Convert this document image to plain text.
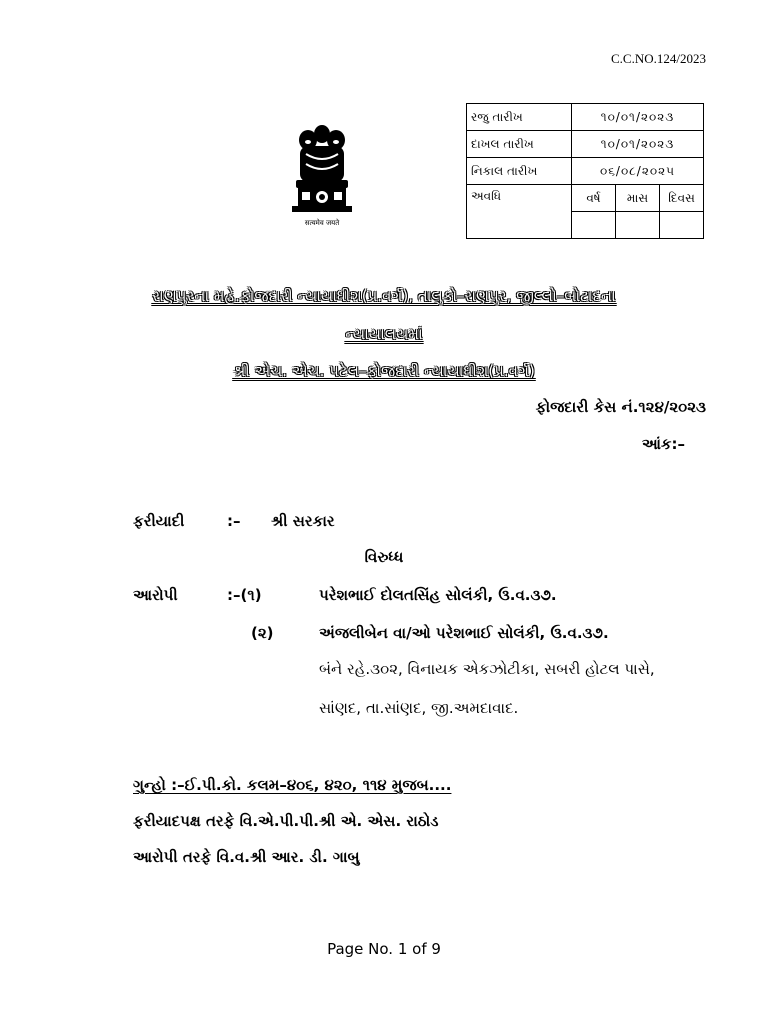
C.C.NO.124/2023
सत्यमेव जयते
રજુ તારીખ	૧૦/૦૧/૨૦૨૩		
દાખલ તારીખ	૧૦/૦૧/૨૦૨૩		
નિકાલ તારીખ	૦૬/૦૮/૨૦૨૫		
અવધિ	વર્ષ	માસ	દિવસ

રાણપુરના મહે.ફોજદારી ન્યાયાધીશ(પ્ર.વર્ગ), તાલુકો–રાણપુર, જીલ્લો–બોટાદના
ન્યાયાલયમાં
શ્રી એચ. એચ. પટેલ–ફોજદારી ન્યાયાધીશ(પ્ર.વર્ગ)
ફોજદારી કેસ નં.૧૨૪/૨૦૨૩
આંક:–
ફરીયાદી	:– શ્રી સરકાર
વિરુધ્ધ
આરોપી	:–(૧)	પરેશભાઈ દોલતસિંહ સોલંકી, ઉ.વ.૩૭.
(૨)	અંજલીબેન વા/ઓ પરેશભાઈ સોલંકી, ઉ.વ.૩૭.
બંને રહે.૩૦૨, વિનાયક એકઝોટીકા, સબરી હોટલ પાસે,
સાંણદ, તા.સાંણદ, જી.અમદાવાદ.
ગુન્હો :–ઈ.પી.કો. કલમ–૪૦૬, ૪૨૦, ૧૧૪ મુજબ....
ફરીયાદપક્ષ તરફે વિ.એ.પી.પી.શ્રી એ. એસ. રાઠોડ
આરોપી તરફે વિ.વ.શ્રી આર. ડી. ગાબુ
Page No. 1 of 9
